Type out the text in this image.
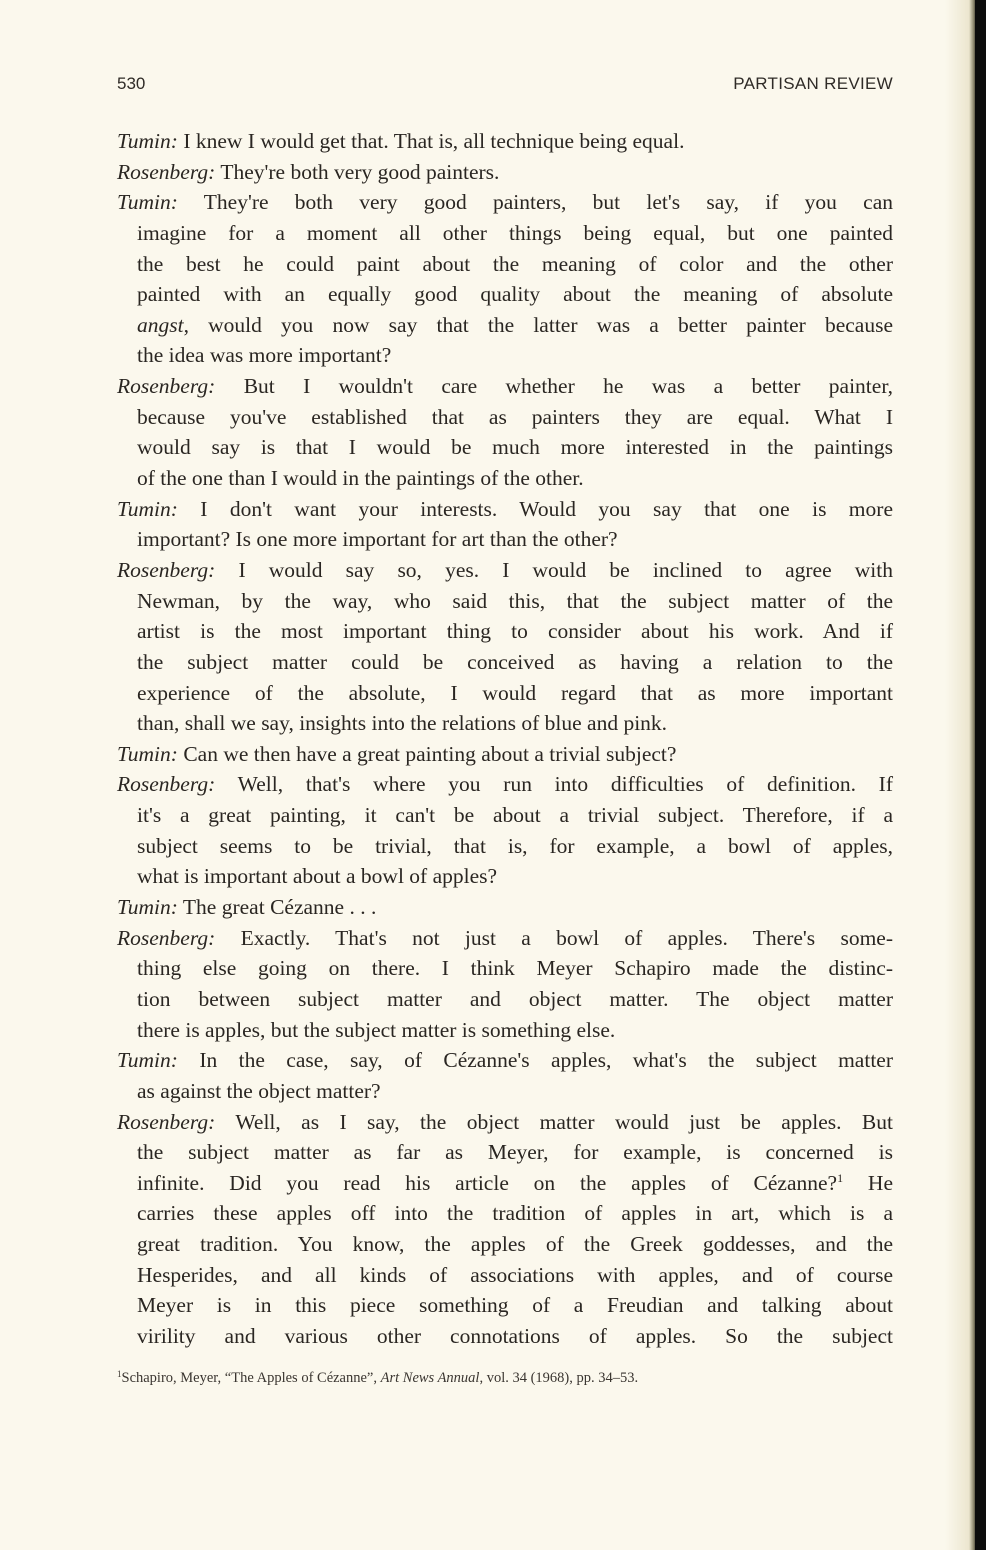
530	PARTISAN REVIEW
Tumin: I knew I would get that. That is, all technique being equal.
Rosenberg: They're both very good painters.
Tumin: They're both very good painters, but let's say, if you can
imagine for a moment all other things being equal, but one painted
the best he could paint about the meaning of color and the other
painted with an equally good quality about the meaning of absolute
angst, would you now say that the latter was a better painter because
the idea was more important?
Rosenberg: But I wouldn't care whether he was a better painter,
because you've established that as painters they are equal. What I
would say is that I would be much more interested in the paintings
of the one than I would in the paintings of the other.
Tumin: I don't want your interests. Would you say that one is more
important? Is one more important for art than the other?
Rosenberg: I would say so, yes. I would be inclined to agree with
Newman, by the way, who said this, that the subject matter of the
artist is the most important thing to consider about his work. And if
the subject matter could be conceived as having a relation to the
experience of the absolute, I would regard that as more important
than, shall we say, insights into the relations of blue and pink.
Tumin: Can we then have a great painting about a trivial subject?
Rosenberg: Well, that's where you run into difficulties of definition. If
it's a great painting, it can't be about a trivial subject. Therefore, if a
subject seems to be trivial, that is, for example, a bowl of apples,
what is important about a bowl of apples?
Tumin: The great Cézanne . . .
Rosenberg: Exactly. That's not just a bowl of apples. There's some-
thing else going on there. I think Meyer Schapiro made the distinc-
tion between subject matter and object matter. The object matter
there is apples, but the subject matter is something else.
Tumin: In the case, say, of Cézanne's apples, what's the subject matter
as against the object matter?
Rosenberg: Well, as I say, the object matter would just be apples. But
the subject matter as far as Meyer, for example, is concerned is
infinite. Did you read his article on the apples of Cézanne?$^1$ He
carries these apples off into the tradition of apples in art, which is a
great tradition. You know, the apples of the Greek goddesses, and the
Hesperides, and all kinds of associations with apples, and of course
Meyer is in this piece something of a Freudian and talking about
virility and various other connotations of apples. So the subject
$^1$Schapiro, Meyer, “The Apples of Cézanne”, Art News Annual, vol. 34 (1968), pp. 34–53.
